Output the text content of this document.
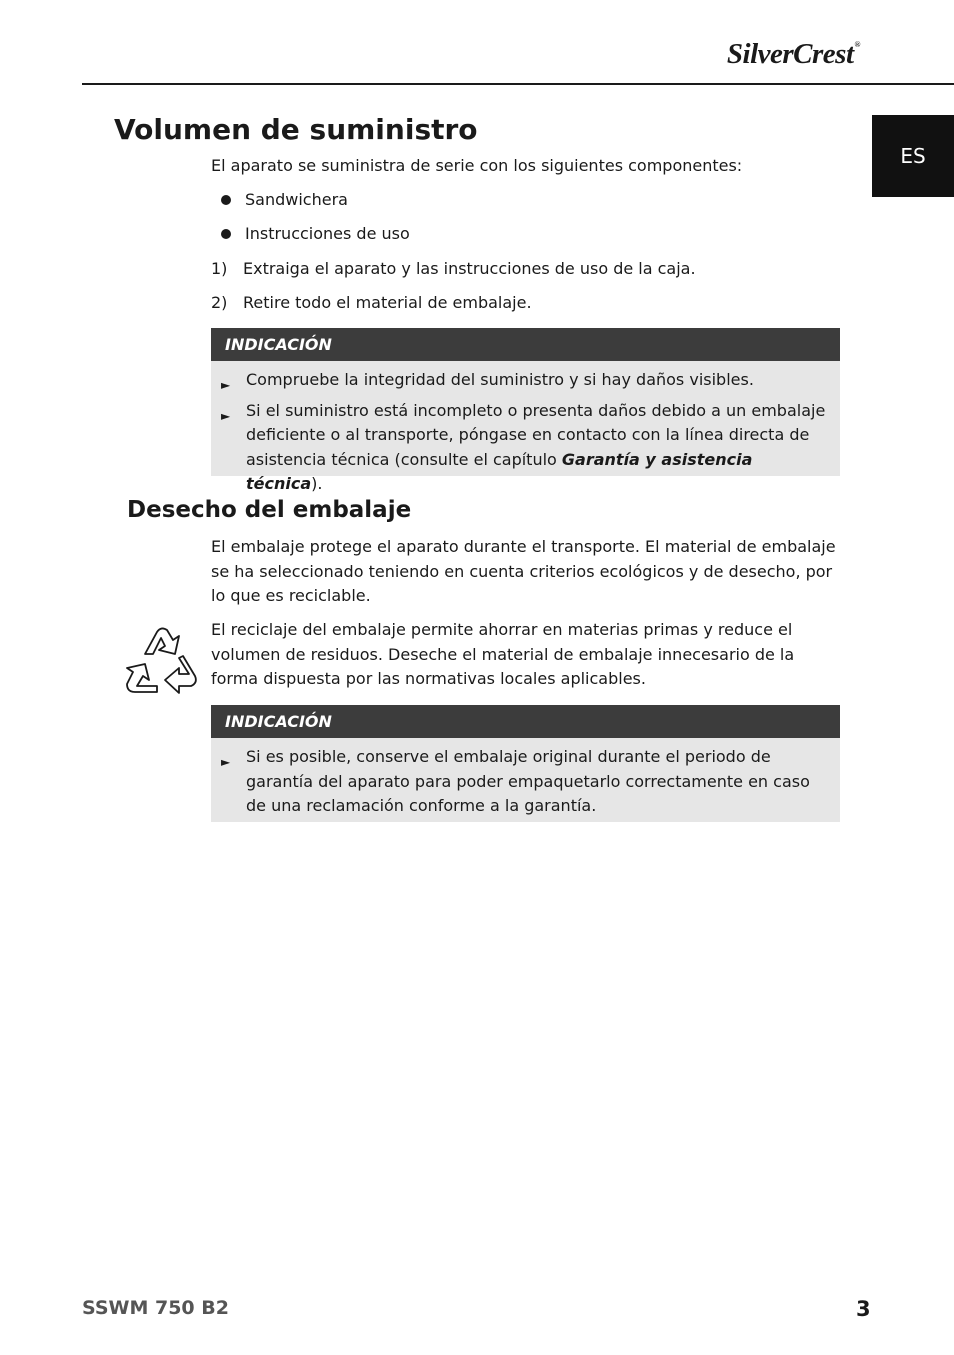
SilverCrest®
ES
Volumen de suministro

El aparato se suministra de serie con los siguientes componentes:

Sandwichera
Instrucciones de uso
1) Extraiga el aparato y las instrucciones de uso de la caja.
2) Retire todo el material de embalaje.
INDICACIÓN
► Compruebe la integridad del suministro y si hay daños visibles.
► Si el suministro está incompleto o presenta daños debido a un embalaje deficiente o al transporte, póngase en contacto con la línea directa de asistencia técnica (consulte el capítulo Garantía y asistencia técnica).
Desecho del embalaje

El embalaje protege el aparato durante el transporte. El material de embalaje se ha seleccionado teniendo en cuenta criterios ecológicos y de desecho, por lo que es reciclable.

El reciclaje del embalaje permite ahorrar en materias primas y reduce el volumen de residuos. Deseche el material de embalaje innecesario de la forma dispuesta por las normativas locales aplicables.

INDICACIÓN
► Si es posible, conserve el embalaje original durante el periodo de garantía del aparato para poder empaquetarlo correctamente en caso de una reclamación conforme a la garantía.
SSWM 750 B2	3
